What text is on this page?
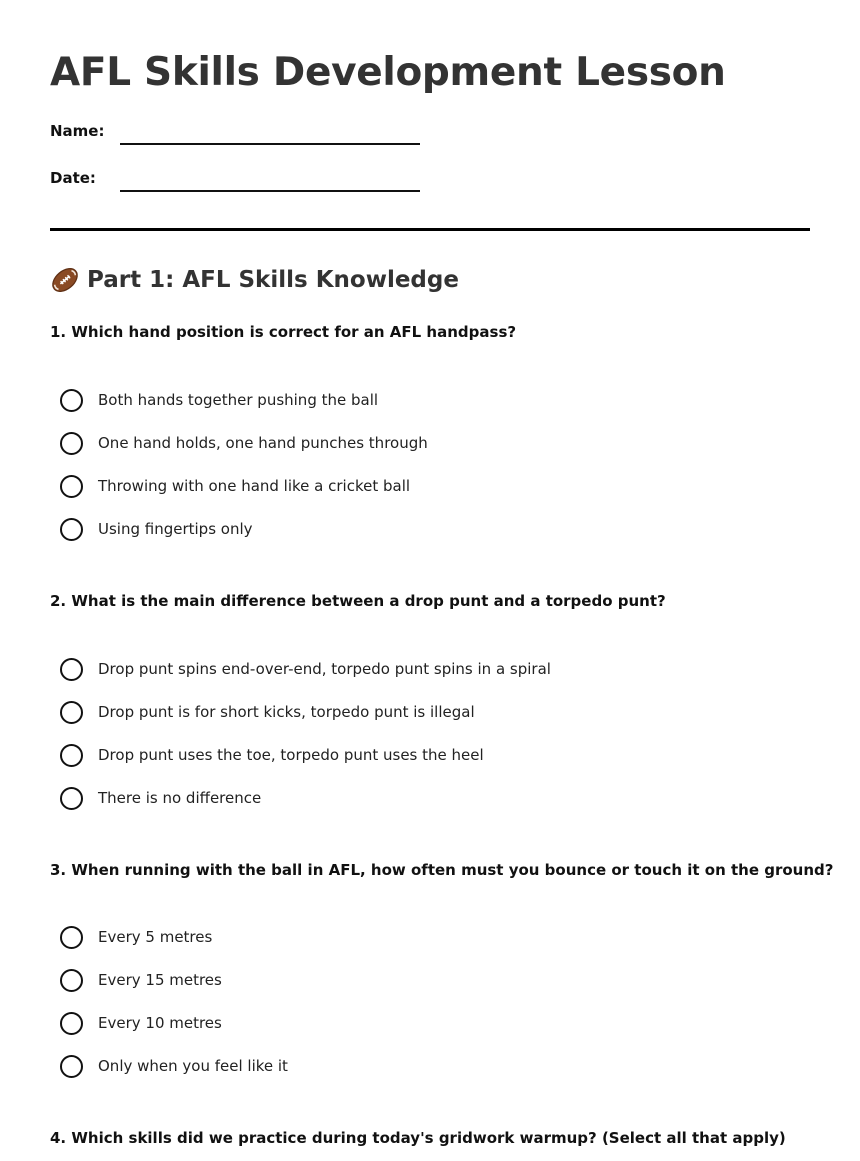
AFL Skills Development Lesson
Name:
Date:
Part 1: AFL Skills Knowledge
1. Which hand position is correct for an AFL handpass?
Both hands together pushing the ball
One hand holds, one hand punches through
Throwing with one hand like a cricket ball
Using fingertips only
2. What is the main difference between a drop punt and a torpedo punt?
Drop punt spins end-over-end, torpedo punt spins in a spiral
Drop punt is for short kicks, torpedo punt is illegal
Drop punt uses the toe, torpedo punt uses the heel
There is no difference
3. When running with the ball in AFL, how often must you bounce or touch it on the ground?
Every 5 metres
Every 15 metres
Every 10 metres
Only when you feel like it
4. Which skills did we practice during today's gridwork warmup? (Select all that apply)
